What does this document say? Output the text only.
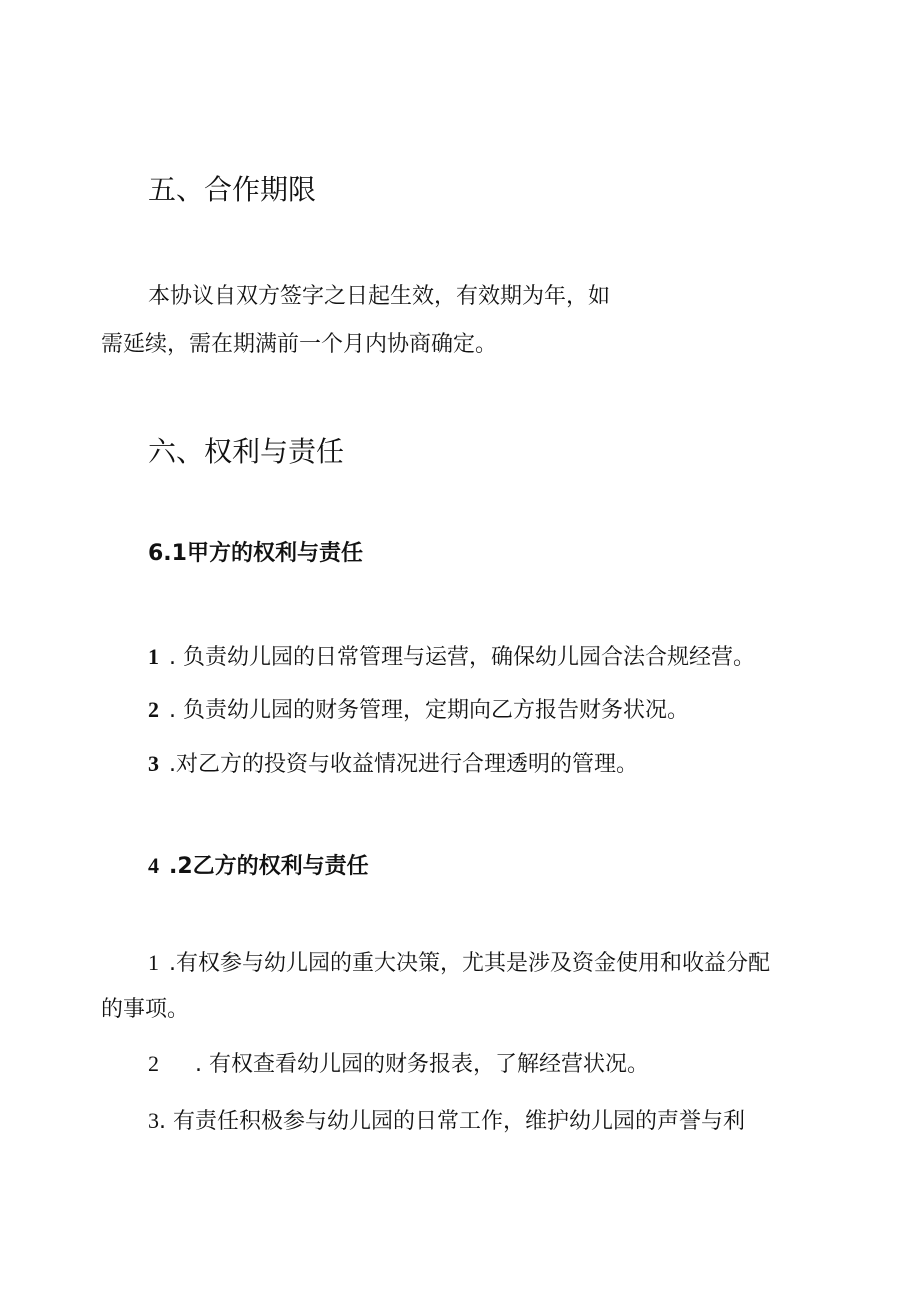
五、合作期限
本协议自双方签字之日起生效，有效期为年，如
需延续，需在期满前一个月内协商确定。
六、权利与责任
6.1甲方的权利与责任
1 . 负责幼儿园的日常管理与运营，确保幼儿园合法合规经营。
2 . 负责幼儿园的财务管理，定期向乙方报告财务状况。
3 .对乙方的投资与收益情况进行合理透明的管理。
4 .2乙方的权利与责任
1 .有权参与幼儿园的重大决策，尤其是涉及资金使用和收益分配
的事项。
2 . 有权查看幼儿园的财务报表，了解经营状况。
3. 有责任积极参与幼儿园的日常工作，维护幼儿园的声誉与利
